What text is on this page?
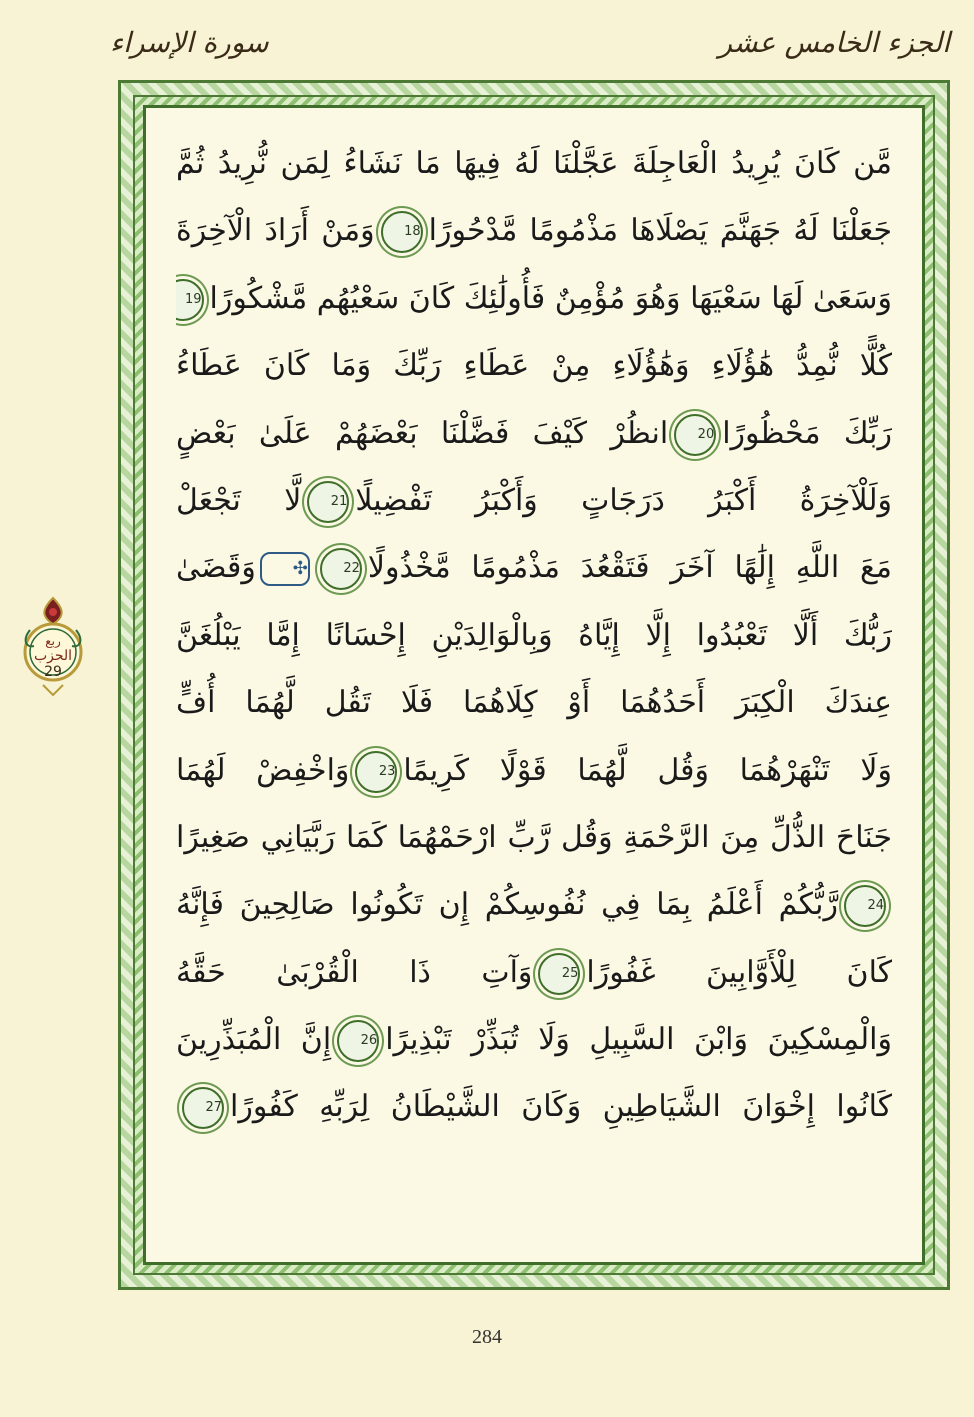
الجزء الخامس عشر
سورة الإسراء
ربع
الحزب
29
مَّن كَانَ يُرِيدُ الْعَاجِلَةَ عَجَّلْنَا لَهُ فِيهَا مَا نَشَاءُ لِمَن نُّرِيدُ ثُمَّ
جَعَلْنَا لَهُ جَهَنَّمَ يَصْلَاهَا مَذْمُومًا مَّدْحُورًا18وَمَنْ أَرَادَ الْآخِرَةَ
وَسَعَىٰ لَهَا سَعْيَهَا وَهُوَ مُؤْمِنٌ فَأُولَٰئِكَ كَانَ سَعْيُهُم مَّشْكُورًا19
كُلًّا نُّمِدُّ هَٰؤُلَاءِ وَهَٰؤُلَاءِ مِنْ عَطَاءِ رَبِّكَ وَمَا كَانَ عَطَاءُ
رَبِّكَ مَحْظُورًا20انظُرْ كَيْفَ فَضَّلْنَا بَعْضَهُمْ عَلَىٰ بَعْضٍ
وَلَلْآخِرَةُ أَكْبَرُ دَرَجَاتٍ وَأَكْبَرُ تَفْضِيلًا21لَّا تَجْعَلْ
مَعَ اللَّهِ إِلَٰهًا آخَرَ فَتَقْعُدَ مَذْمُومًا مَّخْذُولًا22✣وَقَضَىٰ
رَبُّكَ أَلَّا تَعْبُدُوا إِلَّا إِيَّاهُ وَبِالْوَالِدَيْنِ إِحْسَانًا إِمَّا يَبْلُغَنَّ
عِندَكَ الْكِبَرَ أَحَدُهُمَا أَوْ كِلَاهُمَا فَلَا تَقُل لَّهُمَا أُفٍّ
وَلَا تَنْهَرْهُمَا وَقُل لَّهُمَا قَوْلًا كَرِيمًا23وَاخْفِضْ لَهُمَا
جَنَاحَ الذُّلِّ مِنَ الرَّحْمَةِ وَقُل رَّبِّ ارْحَمْهُمَا كَمَا رَبَّيَانِي صَغِيرًا
24رَّبُّكُمْ أَعْلَمُ بِمَا فِي نُفُوسِكُمْ إِن تَكُونُوا صَالِحِينَ فَإِنَّهُ
كَانَ لِلْأَوَّابِينَ غَفُورًا25وَآتِ ذَا الْقُرْبَىٰ حَقَّهُ
وَالْمِسْكِينَ وَابْنَ السَّبِيلِ وَلَا تُبَذِّرْ تَبْذِيرًا26إِنَّ الْمُبَذِّرِينَ
كَانُوا إِخْوَانَ الشَّيَاطِينِ وَكَانَ الشَّيْطَانُ لِرَبِّهِ كَفُورًا27
284
